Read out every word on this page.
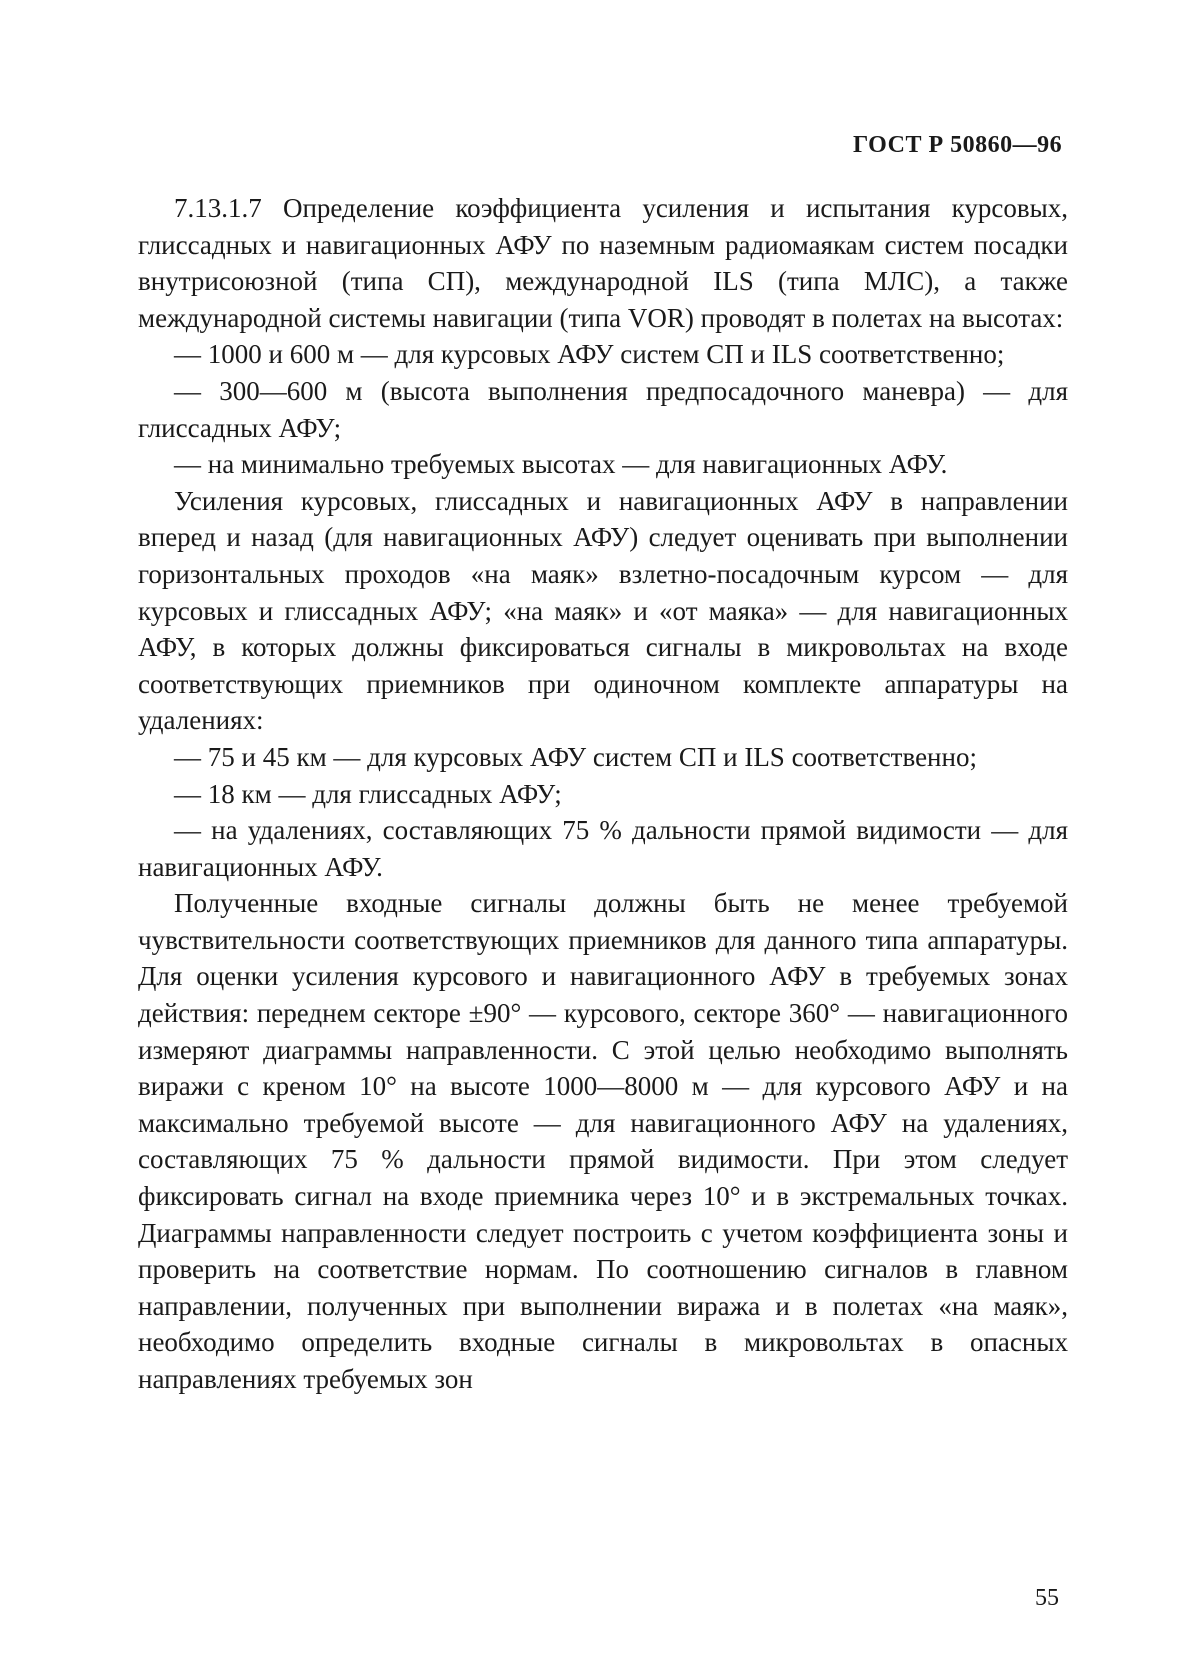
ГОСТ Р 50860—96

7.13.1.7 Определение коэффициента усиления и испытания курсовых, глиссадных и навигационных АФУ по наземным радиомаякам систем посадки внутрисоюзной (типа СП), международной ILS (типа МЛС), а также международной системы навигации (типа VOR) проводят в полетах на высотах:

— 1000 и 600 м — для курсовых АФУ систем СП и ILS соответственно;

— 300—600 м (высота выполнения предпосадочного маневра) — для глиссадных АФУ;

— на минимально требуемых высотах — для навигационных АФУ.

Усиления курсовых, глиссадных и навигационных АФУ в направлении вперед и назад (для навигационных АФУ) следует оценивать при выполнении горизонтальных проходов «на маяк» взлетно-посадочным курсом — для курсовых и глиссадных АФУ; «на маяк» и «от маяка» — для навигационных АФУ, в которых должны фиксироваться сигналы в микровольтах на входе соответствующих приемников при одиночном комплекте аппаратуры на удалениях:

— 75 и 45 км — для курсовых АФУ систем СП и ILS соответственно;

— 18 км — для глиссадных АФУ;

— на удалениях, составляющих 75 % дальности прямой видимости — для навигационных АФУ.

Полученные входные сигналы должны быть не менее требуемой чувствительности соответствующих приемников для данного типа аппаратуры. Для оценки усиления курсового и навигационного АФУ в требуемых зонах действия: переднем секторе ±90° — курсового, секторе 360° — навигационного измеряют диаграммы направленности. С этой целью необходимо выполнять виражи с креном 10° на высоте 1000—8000 м — для курсового АФУ и на максимально требуемой высоте — для навигационного АФУ на удалениях, составляющих 75 % дальности прямой видимости. При этом следует фиксировать сигнал на входе приемника через 10° и в экстремальных точках. Диаграммы направленности следует построить с учетом коэффициента зоны и проверить на соответствие нормам. По соотношению сигналов в главном направлении, полученных при выполнении виража и в полетах «на маяк», необходимо определить входные сигналы в микровольтах в опасных направлениях требуемых зон

55
